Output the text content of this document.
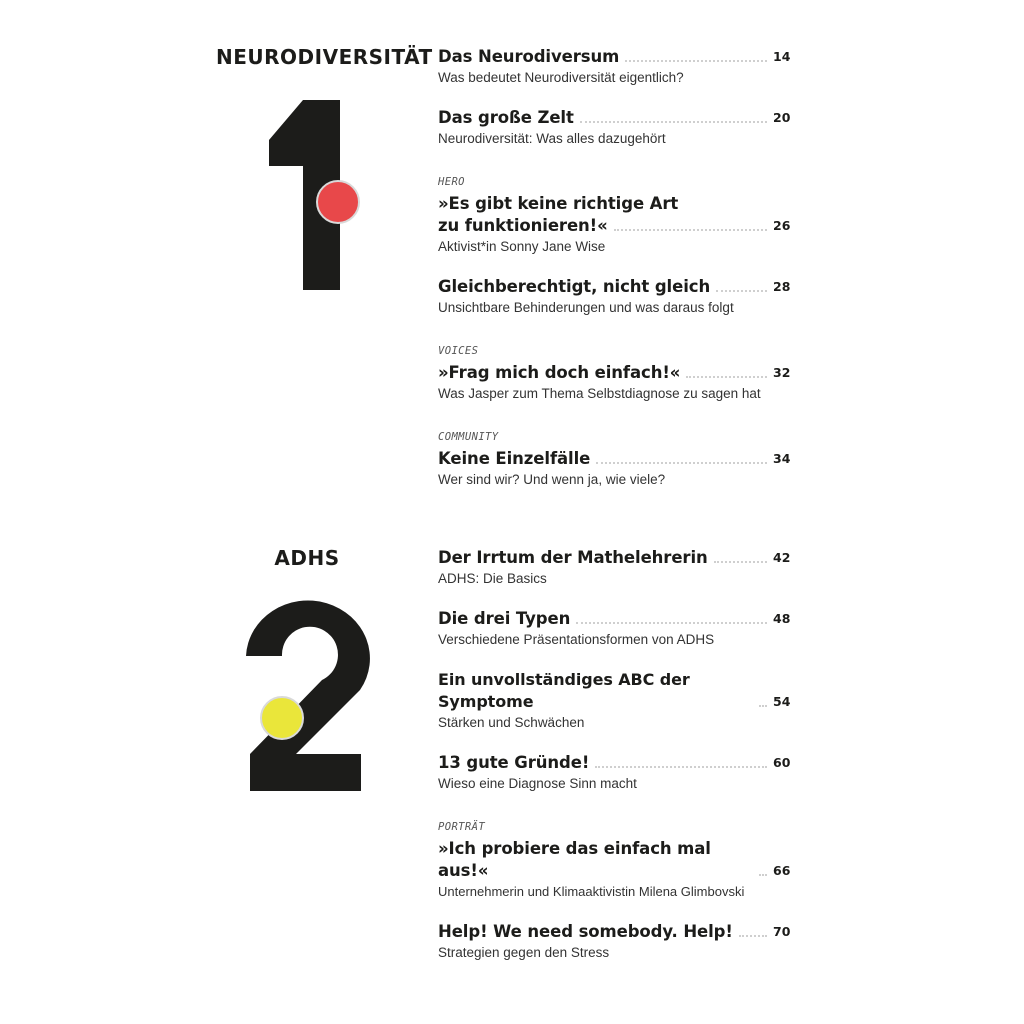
NEURODIVERSITÄT Das Neurodiversum	14
Was bedeutet Neurodiversität eigentlich?
Das große Zelt	20
Neurodiversität: Was alles dazugehört
HERO
»Es gibt keine richtige Art
zu funktionieren!«	26
Aktivist*in Sonny Jane Wise
Gleichberechtigt, nicht gleich	28
Unsichtbare Behinderungen und was daraus folgt
VOICES
»Frag mich doch einfach!«	32
Was Jasper zum Thema Selbstdiagnose zu sagen hat
COMMUNITY
Keine Einzelfälle	34
Wer sind wir? Und wenn ja, wie viele?
ADHS	Der Irrtum der Mathelehrerin	42
ADHS: Die Basics
Die drei Typen	48
Verschiedene Präsentationsformen von ADHS
Ein unvollständiges ABC der Symptome	54
Stärken und Schwächen
13 gute Gründe!	60
Wieso eine Diagnose Sinn macht
PORTRÄT
»Ich probiere das einfach mal aus!«	66
Unternehmerin und Klimaaktivistin Milena Glimbovski
Help! We need somebody. Help!	70
Strategien gegen den Stress
